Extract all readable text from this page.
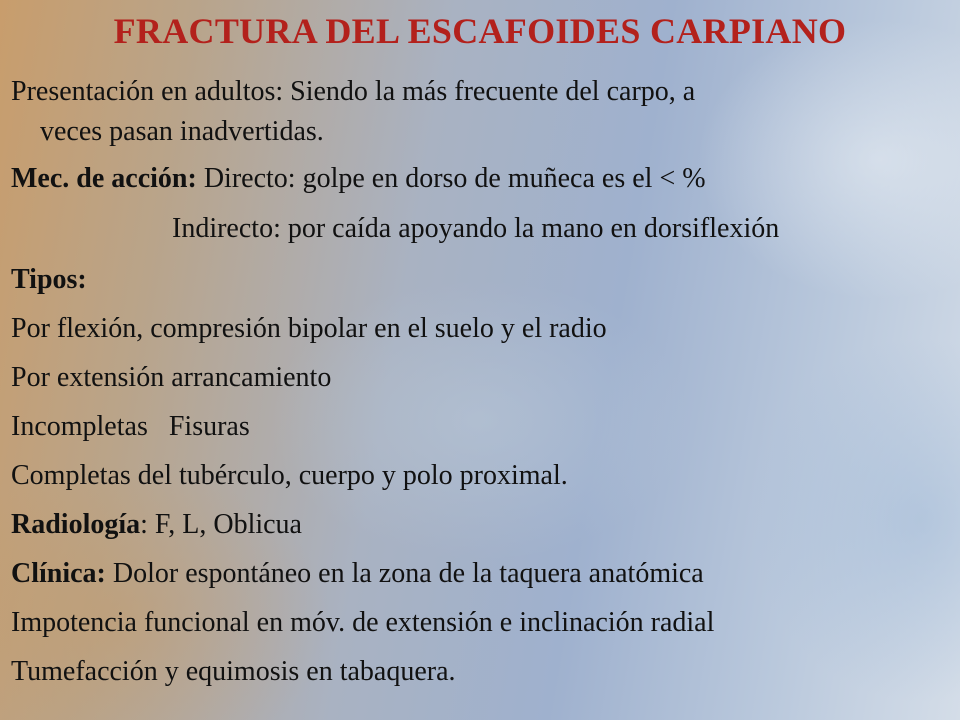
FRACTURA DEL ESCAFOIDES CARPIANO
Presentación en adultos: Siendo la más frecuente del carpo, a
veces pasan inadvertidas.
Mec. de acción: Directo: golpe en dorso de muñeca es el < %
Indirecto: por caída apoyando la mano en dorsiflexión
Tipos:
Por flexión, compresión bipolar en el suelo y el radio
Por extensión arrancamiento
Incompletas   Fisuras
Completas del tubérculo, cuerpo y polo proximal.
Radiología: F, L, Oblicua
Clínica: Dolor espontáneo en la zona de la taquera anatómica
Impotencia funcional en móv. de extensión e inclinación radial
Tumefacción y equimosis en tabaquera.
